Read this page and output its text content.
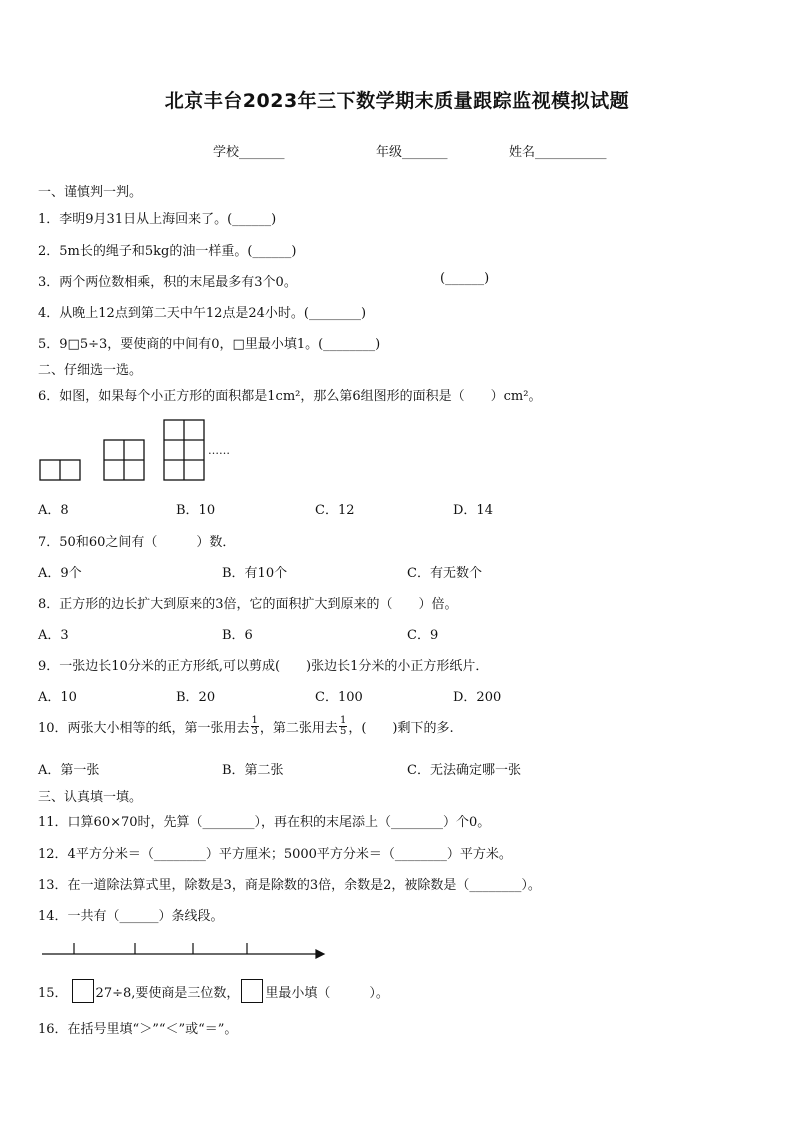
北京丰台2023年三下数学期末质量跟踪监视模拟试题
学校_______	年级_______	姓名___________
一、谨慎判一判。
1．李明9月31日从上海回来了。(______)
2．5m长的绳子和5kg的油一样重。(______)
3．两个两位数相乘，积的末尾最多有3个0。	(______)
4．从晚上12点到第二天中午12点是24小时。(________)
5．9□5÷3，要使商的中间有0，□里最小填1。(________)
二、仔细选一选。
6．如图，如果每个小正方形的面积都是1cm²，那么第6组图形的面积是（　　）cm²。
……
A．8	B．10	C．12	D．14
7．50和60之间有（　　　）数．
A．9个	B．有10个	C．有无数个
8．正方形的边长扩大到原来的3倍，它的面积扩大到原来的（　　）倍。
A．3	B．6	C．9
9．一张边长10分米的正方形纸,可以剪成(　　)张边长1分米的小正方形纸片．
A．10	B．20	C．100	D．200
10．两张大小相等的纸，第一张用去 $\frac{1}{3}$ ，第二张用去 $\frac{1}{5}$ ，(　　)剩下的多.
A．第一张	B．第二张	C．无法确定哪一张
三、认真填一填。
11．口算60×70时，先算（________），再在积的末尾添上（________）个0。
12．4平方分米＝（________）平方厘米；5000平方分米＝（________）平方米。
13．在一道除法算式里，除数是3，商是除数的3倍，余数是2，被除数是（________）。
14．一共有（______）条线段。
15． 27÷8,要使商是三位数， 里最小填（　　　）。
16．在括号里填“＞”“＜”或“＝”。
